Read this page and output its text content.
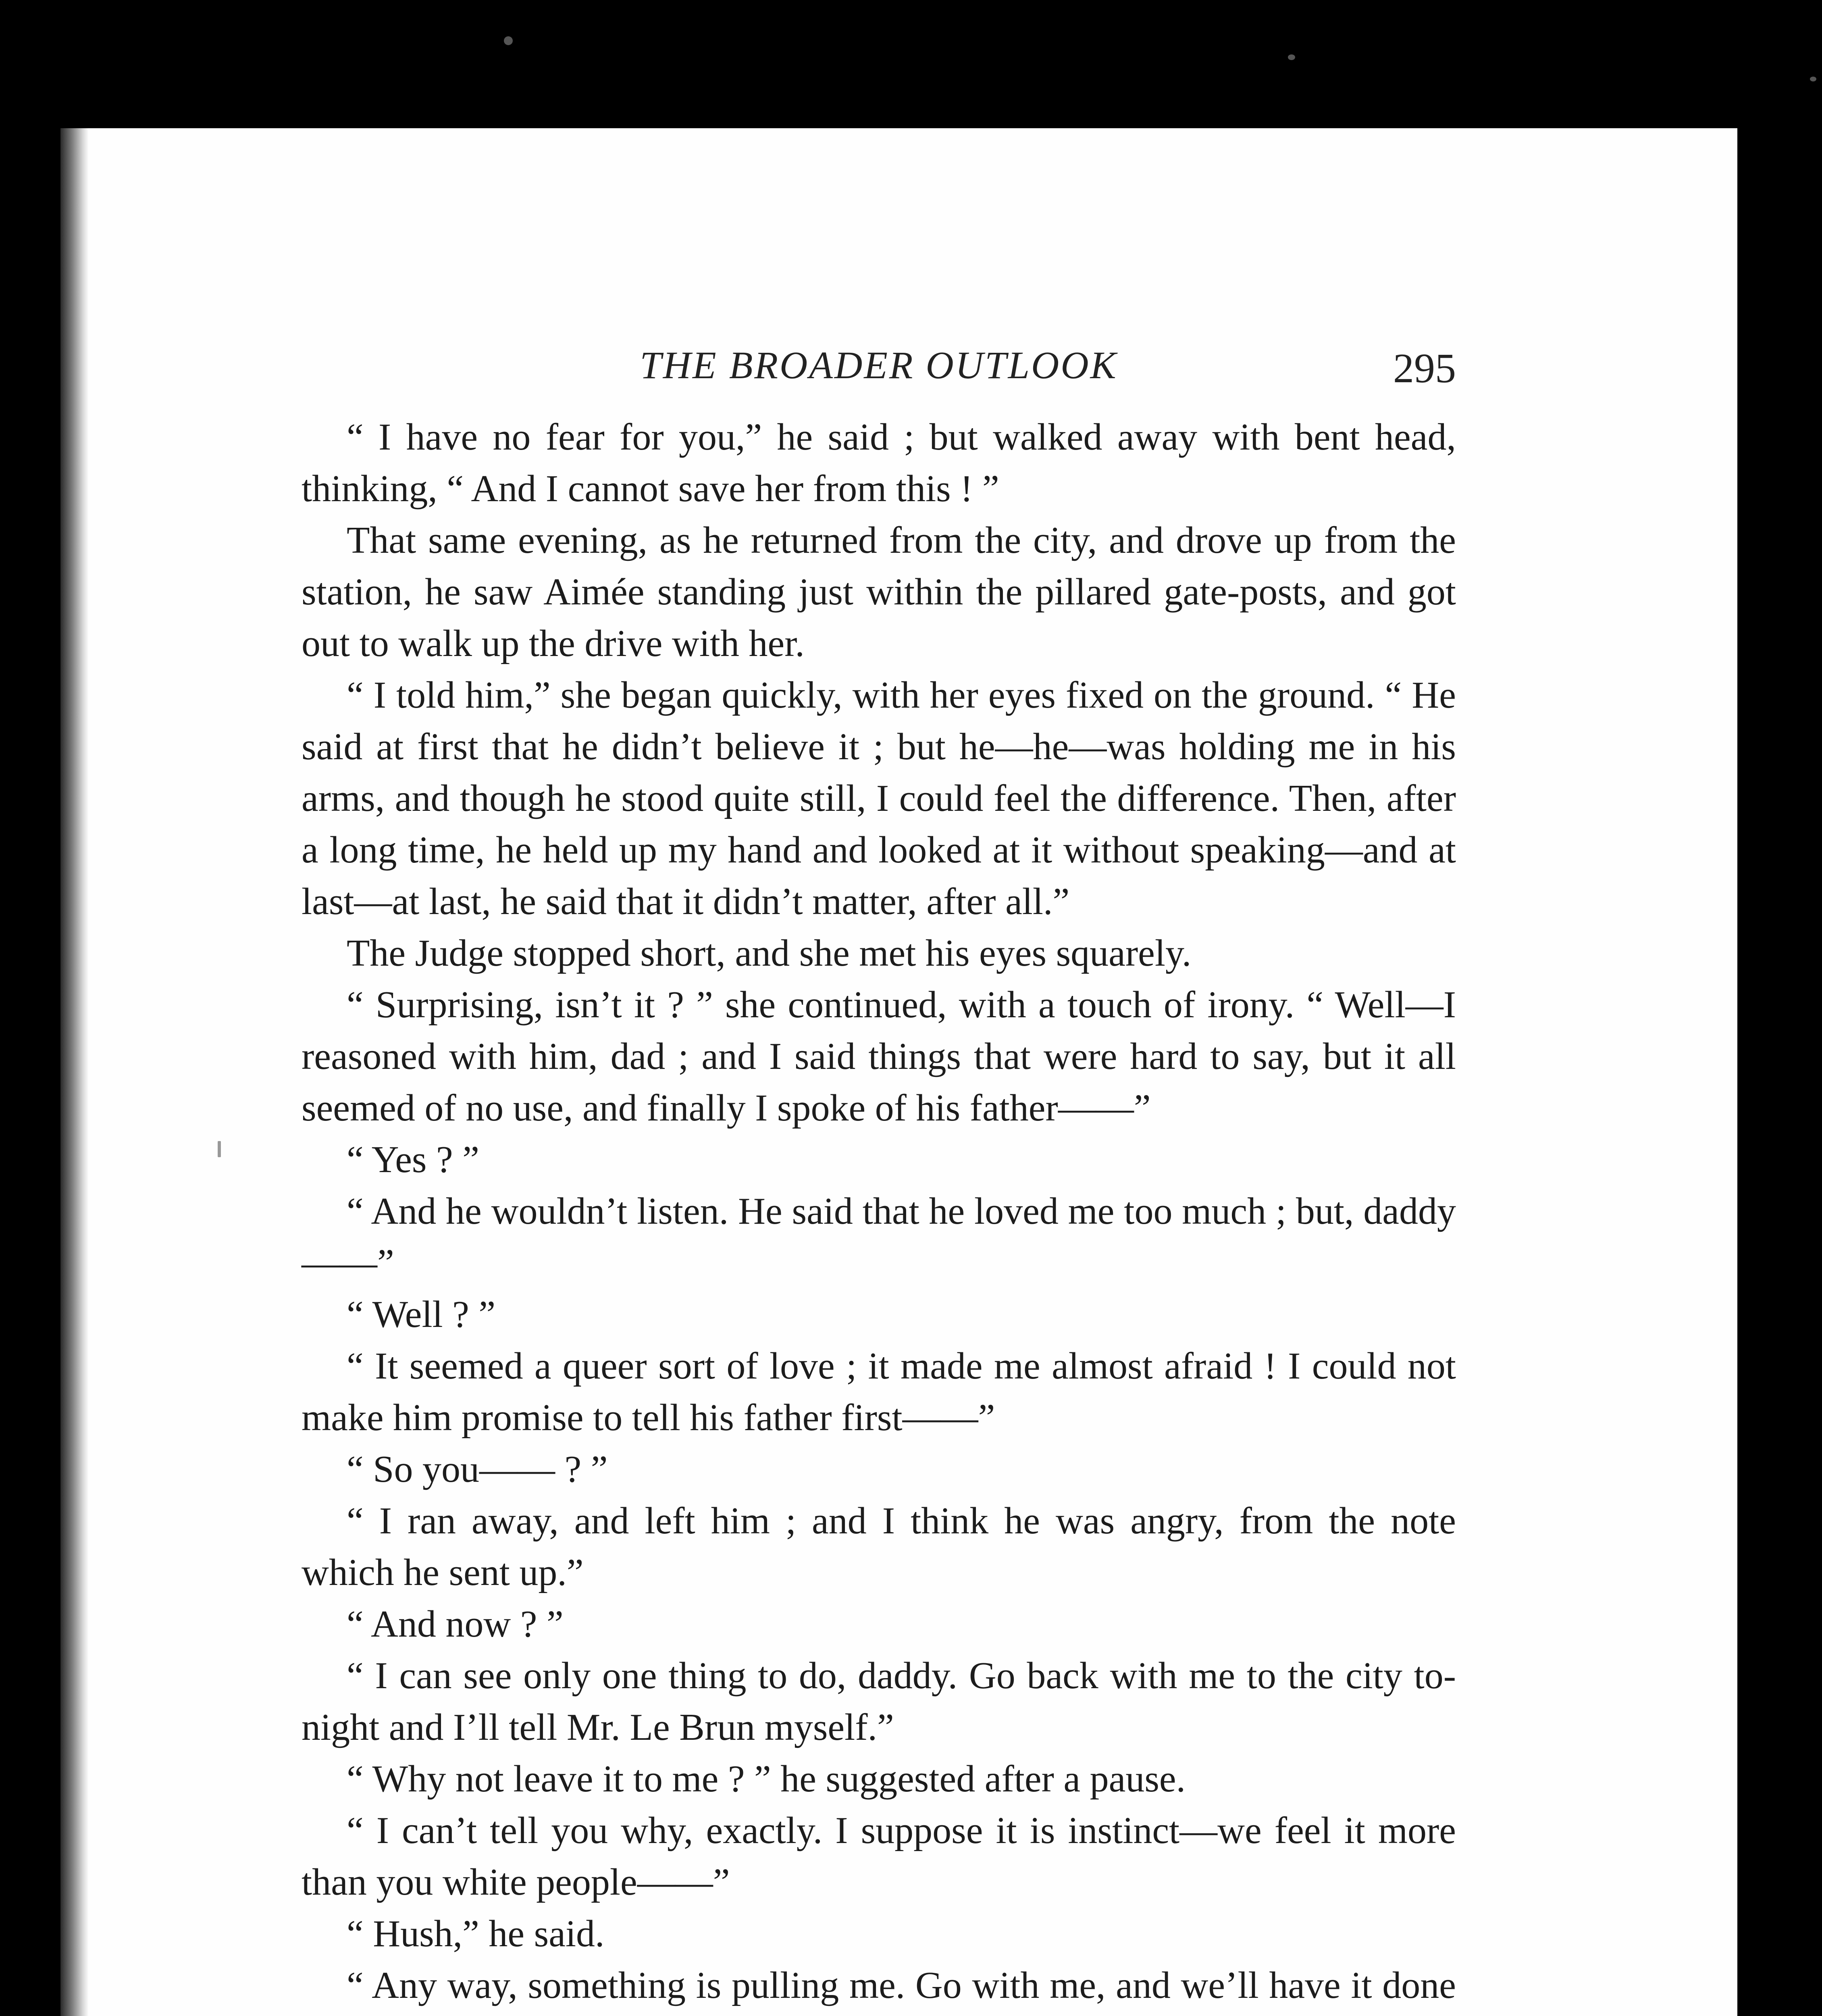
THE BROADER OUTLOOK	295

“ I have no fear for you,” he said ; but walked away with bent head, thinking, “ And I cannot save her from this ! ”

That same evening, as he returned from the city, and drove up from the station, he saw Aimée standing just within the pillared gate-posts, and got out to walk up the drive with her.

“ I told him,” she began quickly, with her eyes fixed on the ground. “ He said at first that he didn’t believe it ; but he—he—was holding me in his arms, and though he stood quite still, I could feel the difference. Then, after a long time, he held up my hand and looked at it without speaking—and at last—at last, he said that it didn’t matter, after all.”

The Judge stopped short, and she met his eyes squarely.

“ Surprising, isn’t it ? ” she continued, with a touch of irony. “ Well—I reasoned with him, dad ; and I said things that were hard to say, but it all seemed of no use, and finally I spoke of his father——”

“ Yes ? ”

“ And he wouldn’t listen. He said that he loved me too much ; but, daddy——”

“ Well ? ”

“ It seemed a queer sort of love ; it made me almost afraid ! I could not make him promise to tell his father first——”

“ So you—— ? ”

“ I ran away, and left him ; and I think he was angry, from the note which he sent up.”

“ And now ? ”

“ I can see only one thing to do, daddy. Go back with me to the city to-night and I’ll tell Mr. Le Brun myself.”

“ Why not leave it to me ? ” he suggested after a pause.

“ I can’t tell you why, exactly. I suppose it is instinct—we feel it more than you white people——”

“ Hush,” he said.

“ Any way, something is pulling me. Go with me, and we’ll have it done
